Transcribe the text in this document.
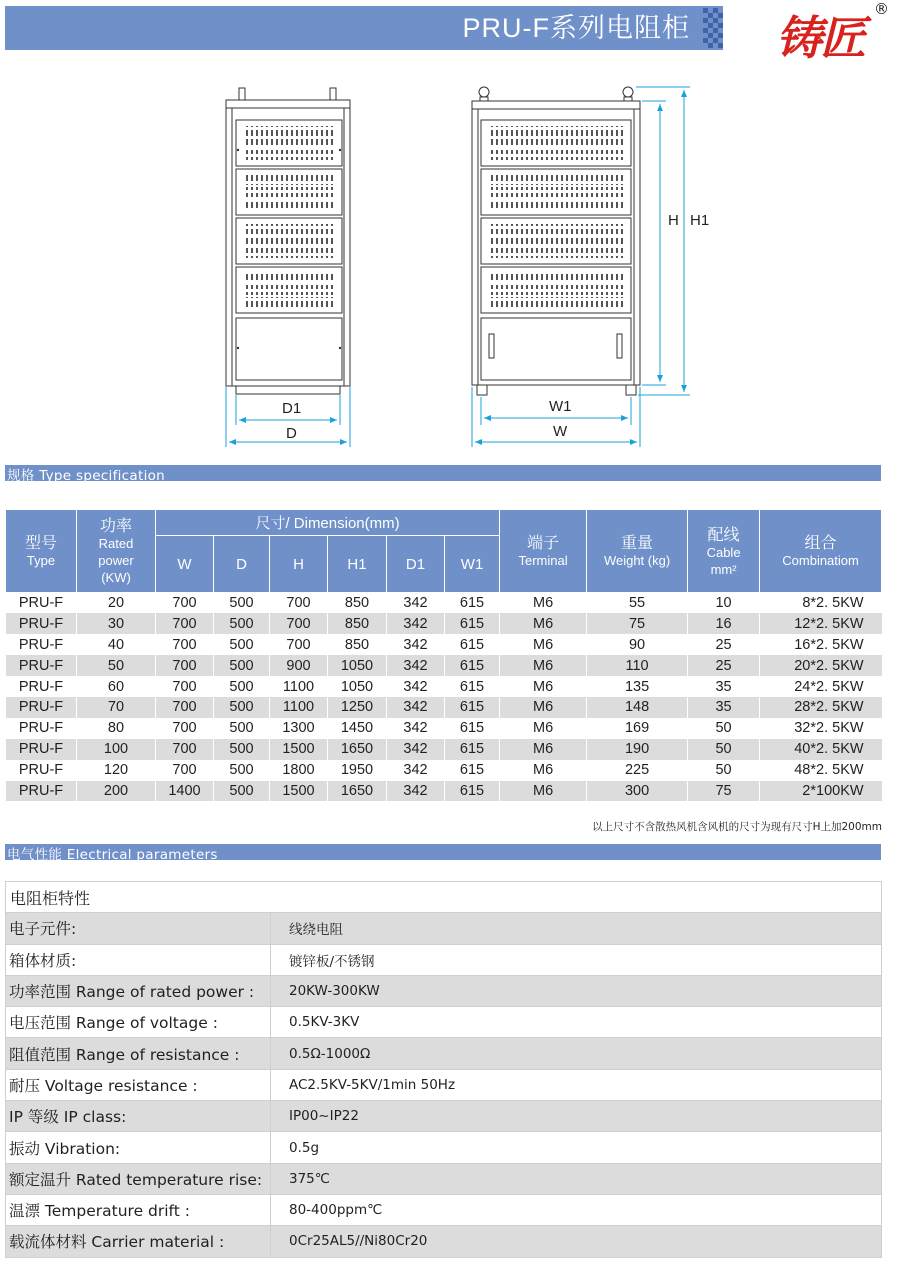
PRU-F系列电阻柜 铸匠
®
D1
D
W1
W
H H1
规格 Type specification
型号
Type	功率
Rated
power
(KW)	尺寸/ Dimension(mm)						端子
Terminal	重量
Weight (kg)	配线
Cable
mm²	组合
Combinatiom

		W	D	H	H1	D1	W1				
PRU-F	20	700	500	700	850	342	615	M6	55	10	8*2. 5KW
PRU-F	30	700	500	700	850	342	615	M6	75	16	12*2. 5KW
PRU-F	40	700	500	700	850	342	615	M6	90	25	16*2. 5KW
PRU-F	50	700	500	900	1050	342	615	M6	110	25	20*2. 5KW
PRU-F	60	700	500	1100	1050	342	615	M6	135	35	24*2. 5KW
PRU-F	70	700	500	1100	1250	342	615	M6	148	35	28*2. 5KW
PRU-F	80	700	500	1300	1450	342	615	M6	169	50	32*2. 5KW
PRU-F	100	700	500	1500	1650	342	615	M6	190	50	40*2. 5KW
PRU-F	120	700	500	1800	1950	342	615	M6	225	50	48*2. 5KW
PRU-F	200	1400	500	1500	1650	342	615	M6	300	75	2*100KW
以上尺寸不含散热风机含风机的尺寸为现有尺寸H上加200mm
电气性能 Electrical parameters
电阻柜特性	
电子元件:	线绕电阻
箱体材质:	镀锌板/不锈钢
功率范围 Range of rated power :	20KW-300KW
电压范围 Range of voltage :	0.5KV-3KV
阻值范围 Range of resistance :	0.5Ω-1000Ω
耐压 Voltage resistance :	AC2.5KV-5KV/1min 50Hz
IP 等级 IP class:	IP00~IP22
振动 Vibration:	0.5g
额定温升 Rated temperature rise:	375℃
温漂 Temperature drift :	80-400ppm℃
载流体材料 Carrier material :	0Cr25AL5//Ni80Cr20
